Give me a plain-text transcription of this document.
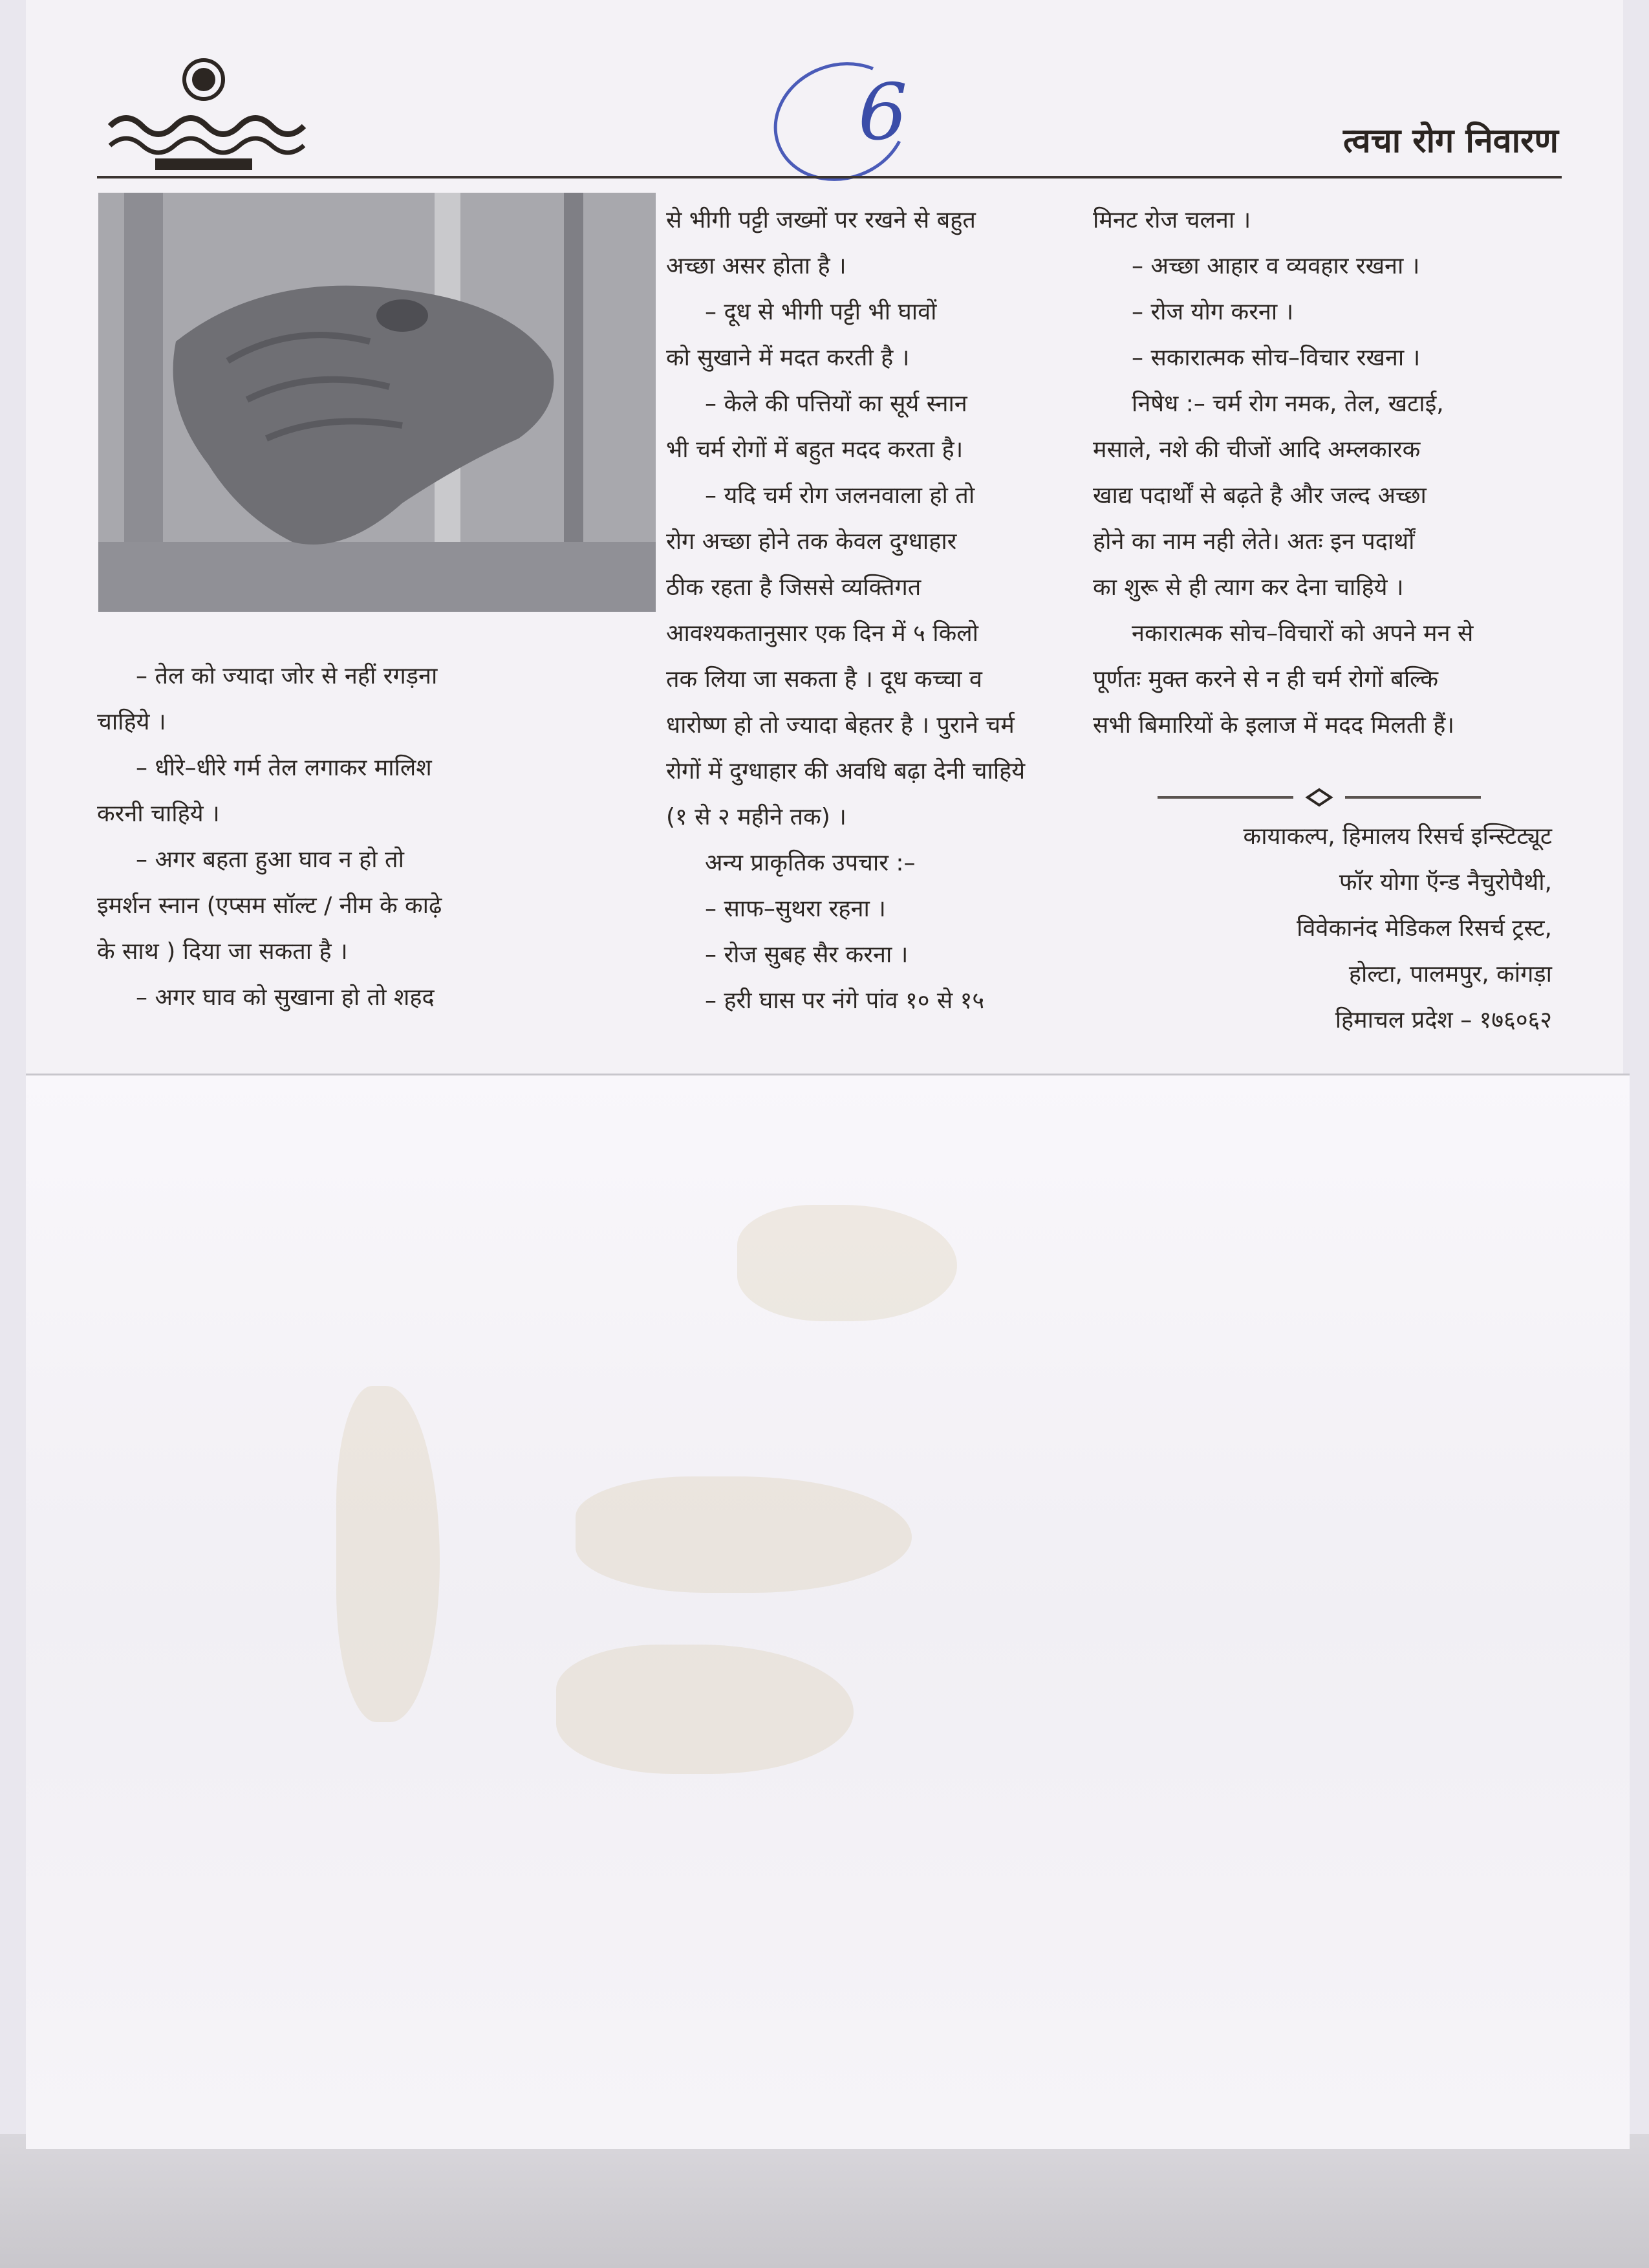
6	त्वचा रोग निवारण

– तेल को ज्यादा जोर से नहीं रगड़ना

चाहिये ।

– धीरे–धीरे गर्म तेल लगाकर मालिश

करनी चाहिये ।

– अगर बहता हुआ घाव न हो तो

इमर्शन स्नान (एप्सम सॉल्ट / नीम के काढ़े

के साथ ) दिया जा सकता है ।

– अगर घाव को सुखाना हो तो शहद

से भीगी पट्टी जख्मों पर रखने से बहुत

अच्छा असर होता है ।

– दूध से भीगी पट्टी भी घावों

को सुखाने में मदत करती है ।

– केले की पत्तियों का सूर्य स्नान

भी चर्म रोगों में बहुत मदद करता है।

– यदि चर्म रोग जलनवाला हो तो

रोग अच्छा होने तक केवल दुग्धाहार

ठीक रहता है जिससे व्यक्तिगत

आवश्यकतानुसार एक दिन में ५ किलो

तक लिया जा सकता है । दूध कच्चा व

धारोष्ण हो तो ज्यादा बेहतर है । पुराने चर्म

रोगों में दुग्धाहार की अवधि बढ़ा देनी चाहिये

(१ से २ महीने तक) ।

अन्य प्राकृतिक उपचार :–

– साफ–सुथरा रहना ।

– रोज सुबह सैर करना ।

– हरी घास पर नंगे पांव १० से १५

मिनट रोज चलना ।

– अच्छा आहार व व्यवहार रखना ।

– रोज योग करना ।

– सकारात्मक सोच–विचार रखना ।

निषेध :– चर्म रोग नमक, तेल, खटाई,

मसाले, नशे की चीजों आदि अम्लकारक

खाद्य पदार्थों से बढ़ते है और जल्द अच्छा

होने का नाम नही लेते। अतः इन पदार्थों

का शुरू से ही त्याग कर देना चाहिये ।

नकारात्मक सोच–विचारों को अपने मन से

पूर्णतः मुक्त करने से न ही चर्म रोगों बल्कि

सभी बिमारियों के इलाज में मदद मिलती हैं।

कायाकल्प, हिमालय रिसर्च इन्स्टिट्यूट

फॉर योगा ऍन्ड नैचुरोपैथी,

विवेकानंद मेडिकल रिसर्च ट्रस्ट,

होल्टा, पालमपुर, कांगड़ा

हिमाचल प्रदेश – १७६०६२
